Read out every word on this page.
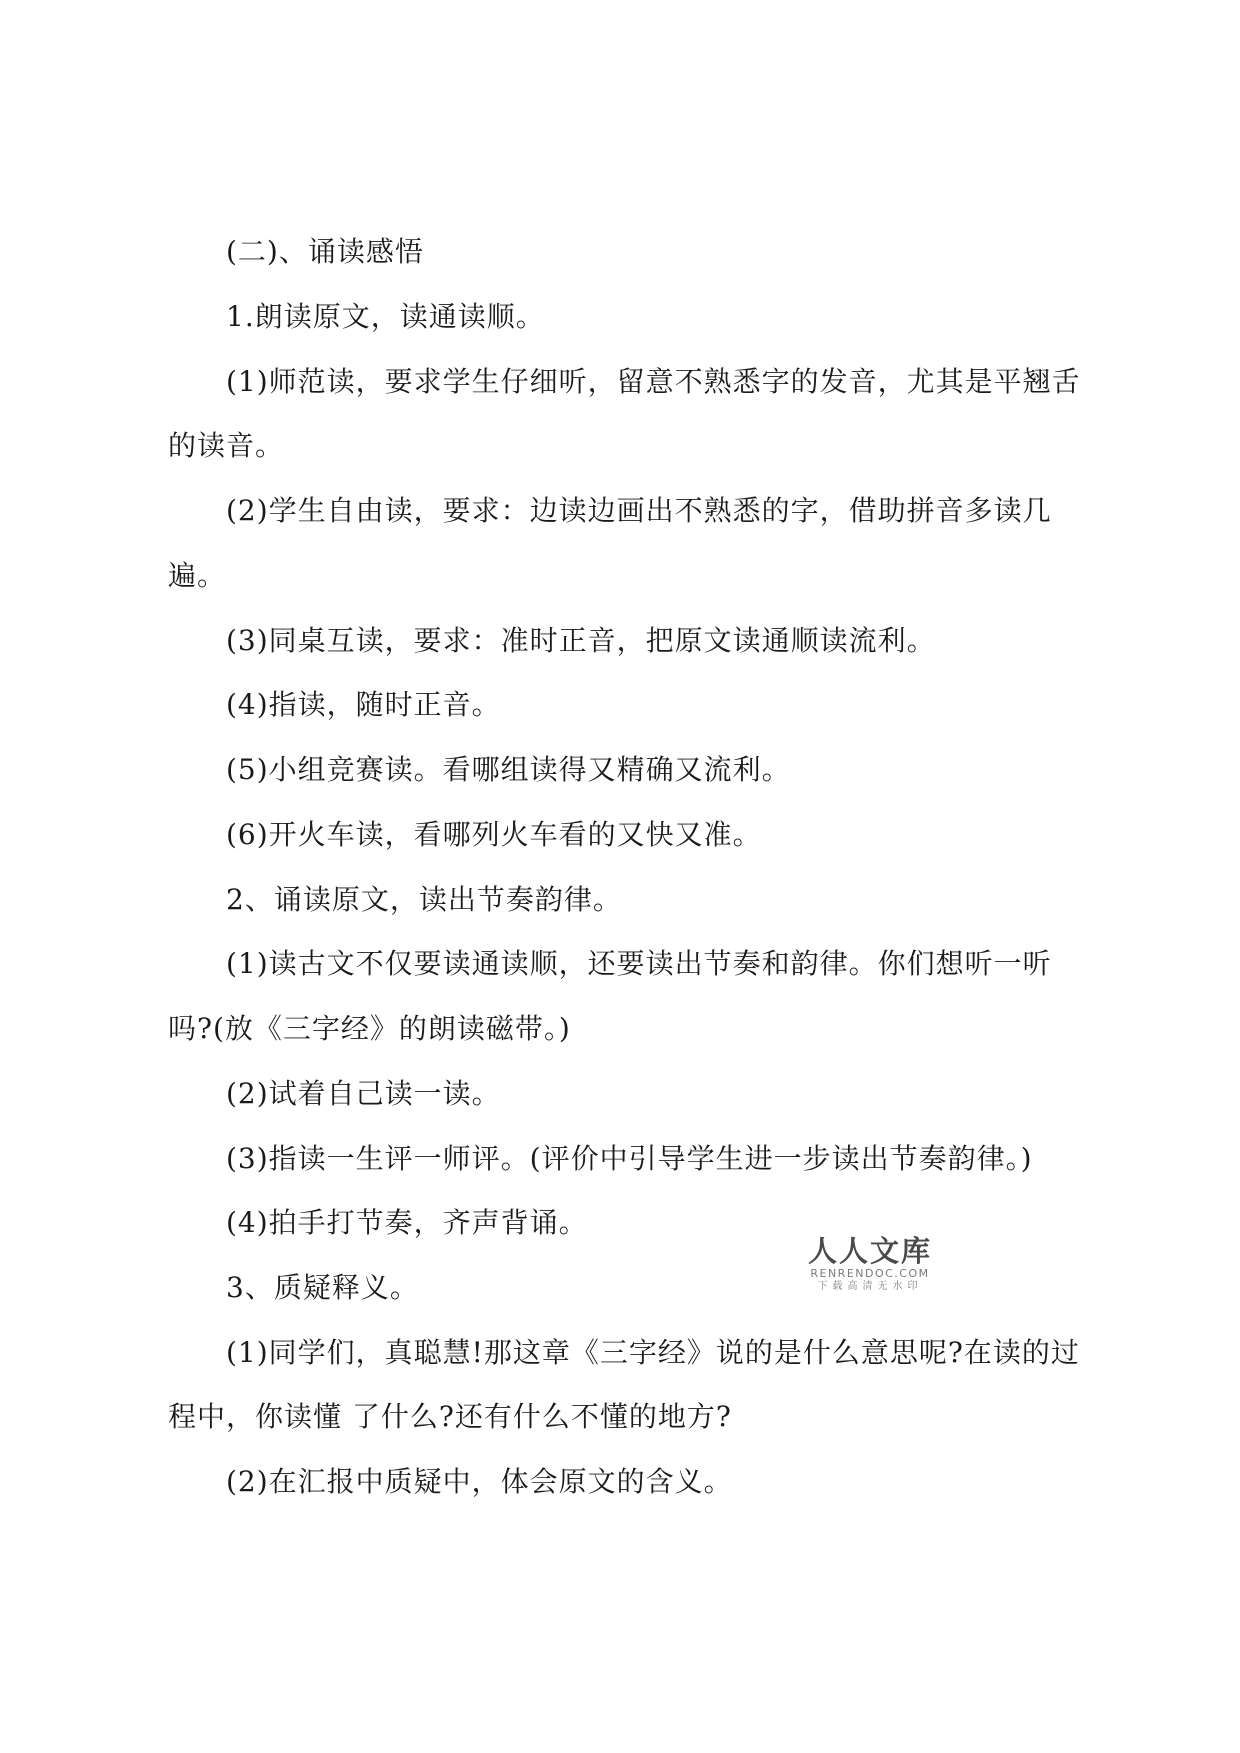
(二)、诵读感悟
1.朗读原文，读通读顺。
(1)师范读，要求学生仔细听，留意不熟悉字的发音，尤其是平翘舌
的读音。
(2)学生自由读，要求：边读边画出不熟悉的字，借助拼音多读几
遍。
(3)同桌互读，要求：准时正音，把原文读通顺读流利。
(4)指读，随时正音。
(5)小组竞赛读。看哪组读得又精确又流利。
(6)开火车读，看哪列火车看的又快又准。
2、诵读原文，读出节奏韵律。
(1)读古文不仅要读通读顺，还要读出节奏和韵律。你们想听一听
吗?(放《三字经》的朗读磁带。)
(2)试着自己读一读。
(3)指读一生评一师评。(评价中引导学生进一步读出节奏韵律。)
(4)拍手打节奏，齐声背诵。
3、质疑释义。
(1)同学们，真聪慧!那这章《三字经》说的是什么意思呢?在读的过
程中，你读懂 了什么?还有什么不懂的地方?
(2)在汇报中质疑中，体会原文的含义。
人人文库
RENRENDOC.COM
下载高清无水印
